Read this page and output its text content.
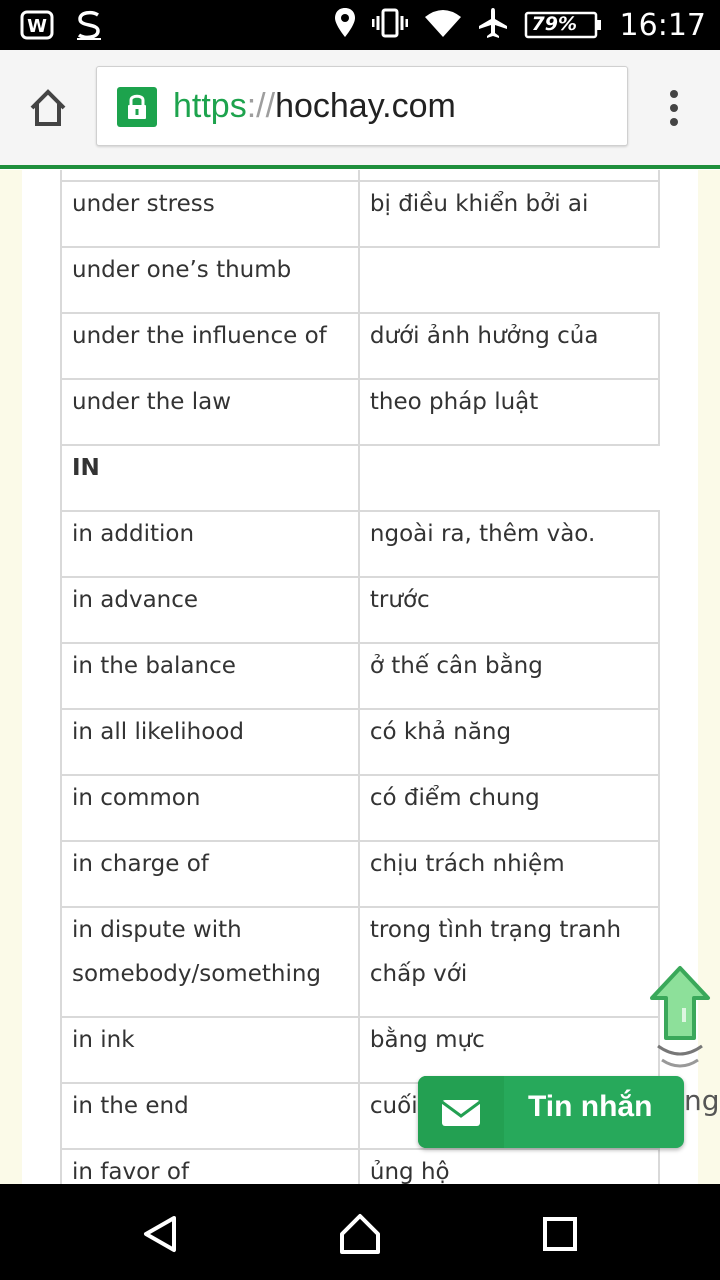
W	79% 16:17
https://hochay.com

under stress	bị điều khiển bởi ai
under one’s thumb	
under the influence of	dưới ảnh hưởng của
under the law	theo pháp luật
IN	
in addition	ngoài ra, thêm vào.
in advance	trước
in the balance	ở thế cân bằng
in all likelihood	có khả năng
in common	có điểm chung
in charge of	chịu trách nhiệm
in dispute with somebody/something	trong tình trạng tranh chấp với
in ink	bằng mực
in the end	cuối
in favor of	ủng hộ
ng
Tin nhắn
